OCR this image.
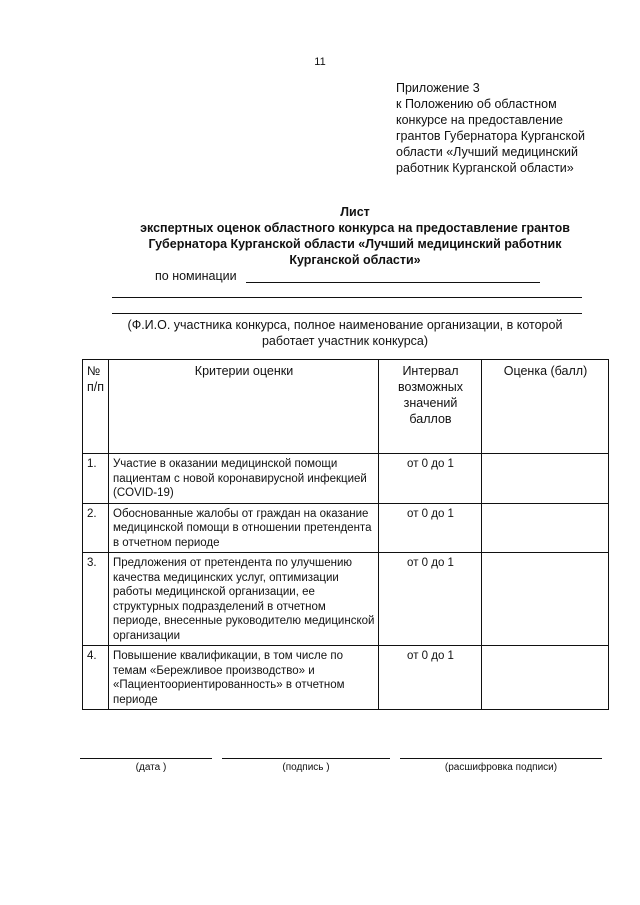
11
Приложение 3
к Положению об областном
конкурсе на предоставление
грантов Губернатора Курганской
области «Лучший медицинский
работник Курганской области»
Лист
экспертных оценок областного конкурса на предоставление грантов
Губернатора Курганской области «Лучший медицинский работник
Курганской области»
по номинации
(Ф.И.О. участника конкурса, полное наименование организации, в которой
работает участник конкурса)
№ п/п	Критерии оценки	Интервал возможных значений баллов	Оценка (балл)
1.	Участие в оказании медицинской помощи пациентам с новой коронавирусной инфекцией (COVID-19)	от 0 до 1	
2.	Обоснованные жалобы от граждан на оказание медицинской помощи в отношении претендента в отчетном периоде	от 0 до 1	
3.	Предложения от претендента по улучшению качества медицинских услуг, оптимизации работы медицинской организации, ее структурных подразделений в отчетном периоде, внесенные руководителю медицинской организации	от 0 до 1	
4.	Повышение квалификации, в том числе по темам «Бережливое производство» и «Пациентоориентированность» в отчетном периоде	от 0 до 1	
(дата )	(подпись )	(расшифровка подписи)
